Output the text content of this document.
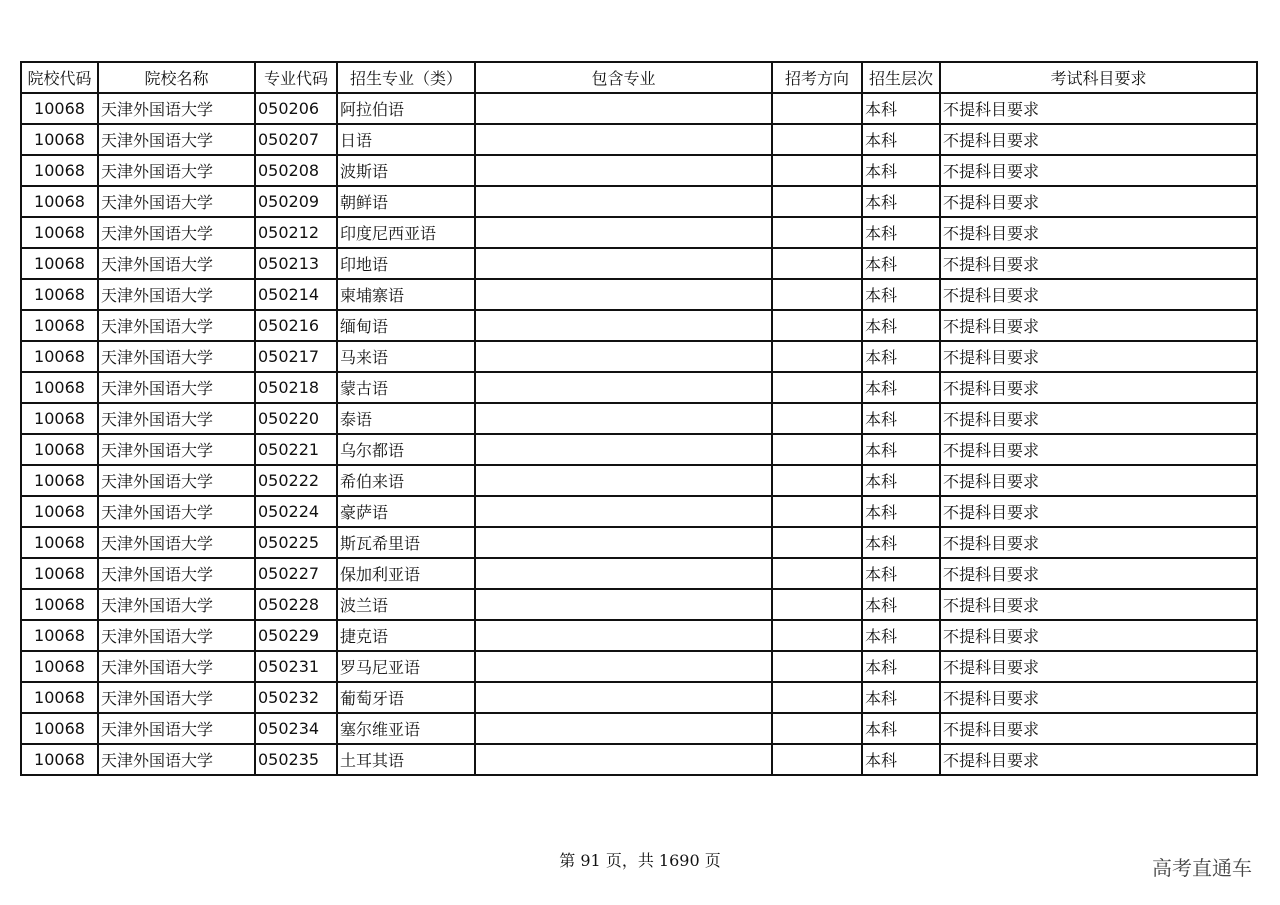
院校代码	院校名称	专业代码	招生专业（类）	包含专业	招考方向	招生层次	考试科目要求
10068	天津外国语大学	050206	阿拉伯语			本科	不提科目要求
10068	天津外国语大学	050207	日语			本科	不提科目要求
10068	天津外国语大学	050208	波斯语			本科	不提科目要求
10068	天津外国语大学	050209	朝鲜语			本科	不提科目要求
10068	天津外国语大学	050212	印度尼西亚语			本科	不提科目要求
10068	天津外国语大学	050213	印地语			本科	不提科目要求
10068	天津外国语大学	050214	柬埔寨语			本科	不提科目要求
10068	天津外国语大学	050216	缅甸语			本科	不提科目要求
10068	天津外国语大学	050217	马来语			本科	不提科目要求
10068	天津外国语大学	050218	蒙古语			本科	不提科目要求
10068	天津外国语大学	050220	泰语			本科	不提科目要求
10068	天津外国语大学	050221	乌尔都语			本科	不提科目要求
10068	天津外国语大学	050222	希伯来语			本科	不提科目要求
10068	天津外国语大学	050224	豪萨语			本科	不提科目要求
10068	天津外国语大学	050225	斯瓦希里语			本科	不提科目要求
10068	天津外国语大学	050227	保加利亚语			本科	不提科目要求
10068	天津外国语大学	050228	波兰语			本科	不提科目要求
10068	天津外国语大学	050229	捷克语			本科	不提科目要求
10068	天津外国语大学	050231	罗马尼亚语			本科	不提科目要求
10068	天津外国语大学	050232	葡萄牙语			本科	不提科目要求
10068	天津外国语大学	050234	塞尔维亚语			本科	不提科目要求
10068	天津外国语大学	050235	土耳其语			本科	不提科目要求
第 91 页，共 1690 页	高考直通车
